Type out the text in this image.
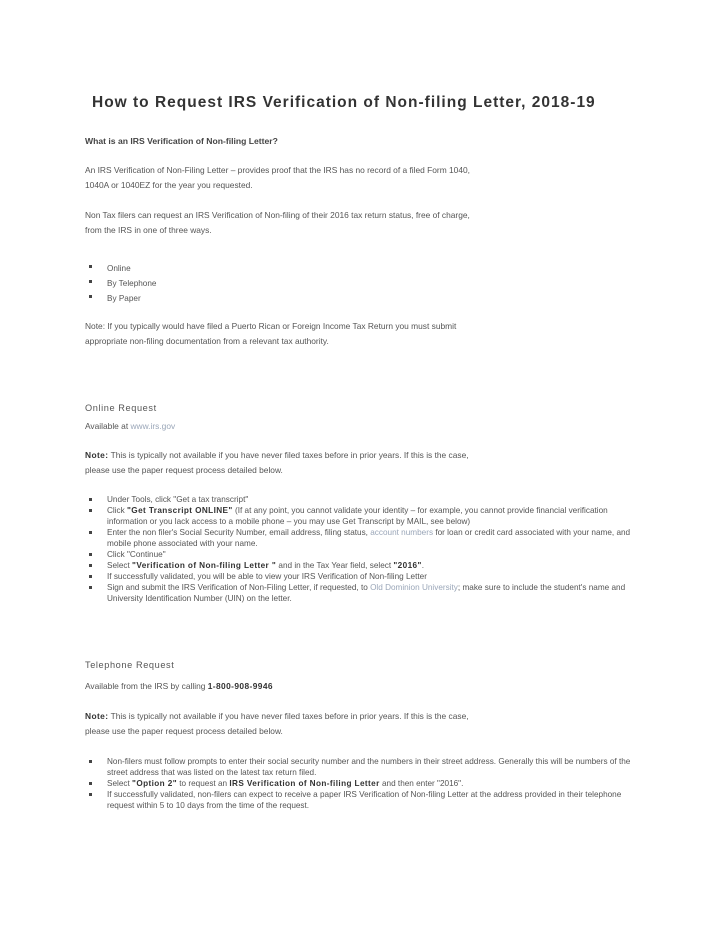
How to Request IRS Verification of Non-filing Letter, 2018-19
What is an IRS Verification of Non-filing Letter?
An IRS Verification of Non-Filing Letter – provides proof that the IRS has no record of a filed Form 1040,
1040A or 1040EZ for the year you requested.
Non Tax filers can request an IRS Verification of Non-filing of their 2016 tax return status, free of charge,
from the IRS in one of three ways.
Online
By Telephone
By Paper
Note: If you typically would have filed a Puerto Rican or Foreign Income Tax Return you must submit
appropriate non-filing documentation from a relevant tax authority.
Online Request
Available at www.irs.gov
Note: This is typically not available if you have never filed taxes before in prior years. If this is the case,
please use the paper request process detailed below.
Under Tools, click "Get a tax transcript"
Click "Get Transcript ONLINE" (If at any point, you cannot validate your identity – for example, you cannot provide financial verification information or you lack access to a mobile phone – you may use Get Transcript by MAIL, see below)
Enter the non filer's Social Security Number, email address, filing status, account numbers for loan or credit card associated with your name, and mobile phone associated with your name.
Click "Continue"
Select "Verification of Non-filing Letter " and in the Tax Year field, select "2016".
If successfully validated, you will be able to view your IRS Verification of Non-filing Letter
Sign and submit the IRS Verification of Non-Filing Letter, if requested, to Old Dominion University; make sure to include the student's name and University Identification Number (UIN) on the letter.
Telephone Request
Available from the IRS by calling 1-800-908-9946
Note: This is typically not available if you have never filed taxes before in prior years. If this is the case,
please use the paper request process detailed below.
Non-filers must follow prompts to enter their social security number and the numbers in their street address. Generally this will be numbers of the street address that was listed on the latest tax return filed.
Select "Option 2" to request an IRS Verification of Non-filing Letter and then enter "2016".
If successfully validated, non-filers can expect to receive a paper IRS Verification of Non-filing Letter at the address provided in their telephone request within 5 to 10 days from the time of the request.
